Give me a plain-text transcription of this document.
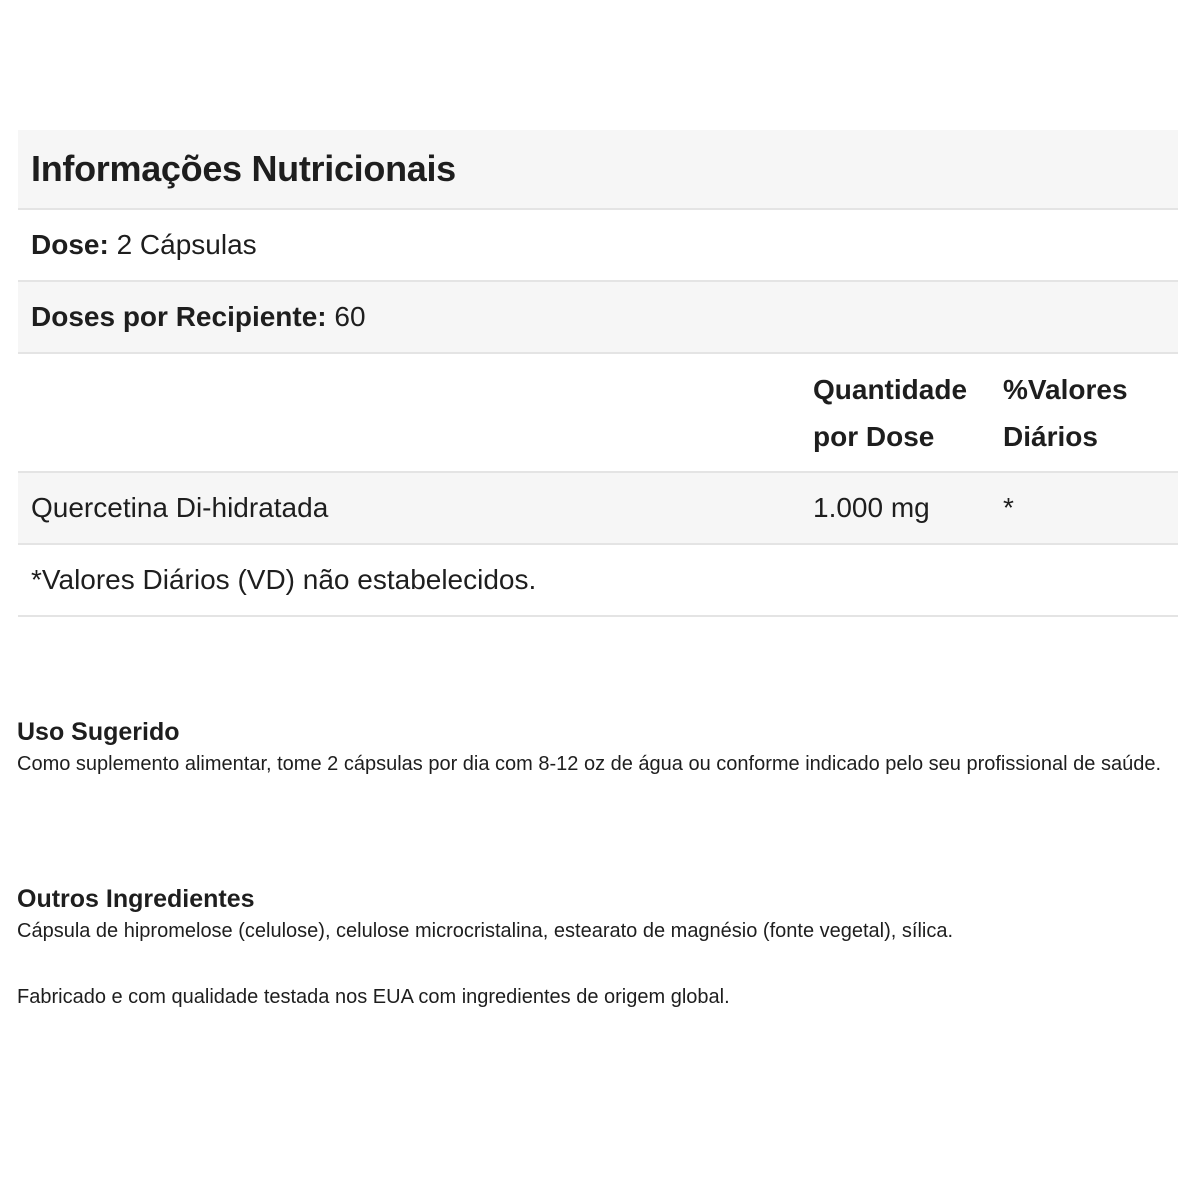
Informações Nutricionais
Dose: 2 Cápsulas
Doses por Recipiente: 60
Quantidade
por Dose
%Valores
Diários
Quercetina Di-hidratada	1.000 mg	*
*Valores Diários (VD) não estabelecidos.
Uso Sugerido

Como suplemento alimentar, tome 2 cápsulas por dia com 8-12 oz de água ou conforme indicado pelo seu profissional de saúde.

Outros Ingredientes

Cápsula de hipromelose (celulose), celulose microcristalina, estearato de magnésio (fonte vegetal), sílica.

Fabricado e com qualidade testada nos EUA com ingredientes de origem global.
